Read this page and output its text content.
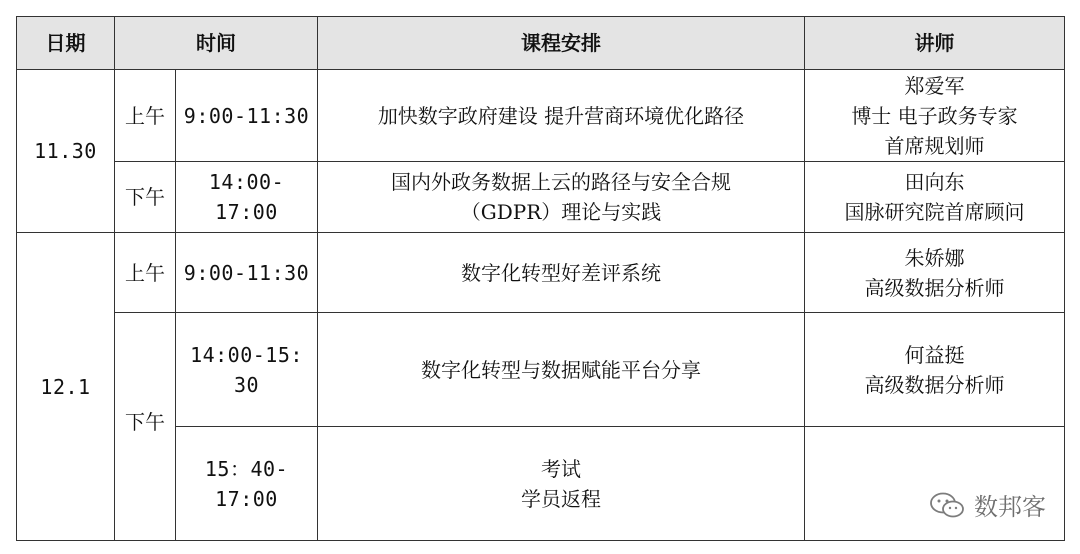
日期	时间		课程安排	讲师
11.30	上午	9:00-11:30	加快数字政府建设 提升营商环境优化路径	郑爱军
博士 电子政务专家
首席规划师

	下午	14:00-17:00	国内外政务数据上云的路径与安全合规
（GDPR）理论与实践	田向东
国脉研究院首席顾问

12.1	上午	9:00-11:30	数字化转型好差评系统	朱娇娜
高级数据分析师

	下午	14:00-15:
30	数字化转型与数据赋能平台分享	何益挺
高级数据分析师

		15：40-
17:00	考试
学员返程	
		数邦客
